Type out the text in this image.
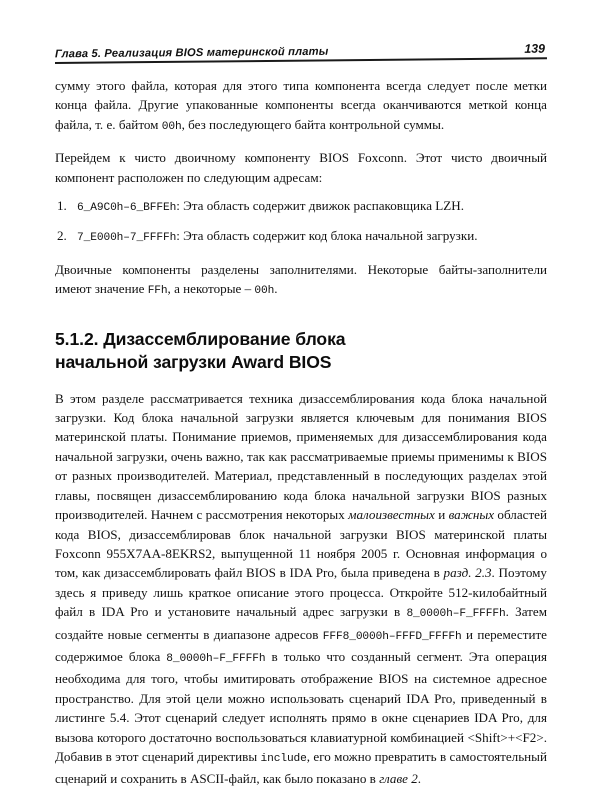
Глава 5. Реализация BIOS материнской платы	139

сумму этого файла, которая для этого типа компонента всегда следует после метки конца файла. Другие упакованные компоненты всегда оканчиваются меткой конца файла, т. е. байтом 00h, без последующего байта контрольной суммы.

Перейдем к чисто двоичному компоненту BIOS Foxconn. Этот чисто двоичный компонент расположен по следующим адресам:

1. 6_A9C0h–6_BFFEh: Эта область содержит движок распаковщика LZH.
2. 7_E000h–7_FFFFh: Эта область содержит код блока начальной загрузки.

Двоичные компоненты разделены заполнителями. Некоторые байты-заполнители имеют значение FFh, а некоторые – 00h.

5.1.2. Дизассемблирование блока
начальной загрузки Award BIOS

В этом разделе рассматривается техника дизассемблирования кода блока начальной загрузки. Код блока начальной загрузки является ключевым для понимания BIOS материнской платы. Понимание приемов, применяемых для дизассемблирования кода начальной загрузки, очень важно, так как рассматриваемые приемы применимы к BIOS от разных производителей. Материал, представленный в последующих разделах этой главы, посвящен дизассемблированию кода блока начальной загрузки BIOS разных производителей. Начнем с рассмотрения некоторых малоизвестных и важных областей кода BIOS, дизассемблировав блок начальной загрузки BIOS материнской платы Foxconn 955X7AA-8EKRS2, выпущенной 11 ноября 2005 г. Основная информация о том, как дизассемблировать файл BIOS в IDA Pro, была приведена в разд. 2.3. Поэтому здесь я приведу лишь краткое описание этого процесса. Откройте 512-килобайтный файл в IDA Pro и установите начальный адрес загрузки в 8_0000h–F_FFFFh. Затем создайте новые сегменты в диапазоне адресов FFF8_0000h–FFFD_FFFFh и переместите содержимое блока 8_0000h–F_FFFFh в только что созданный сегмент. Эта операция необходима для того, чтобы имитировать отображение BIOS на системное адресное пространство. Для этой цели можно использовать сценарий IDA Pro, приведенный в листинге 5.4. Этот сценарий следует исполнять прямо в окне сценариев IDA Pro, для вызова которого достаточно воспользоваться клавиатурной комбинацией <Shift>+<F2>. Добавив в этот сценарий директивы include, его можно превратить в самостоятельный сценарий и сохранить в ASCII-файл, как было показано в главе 2.
